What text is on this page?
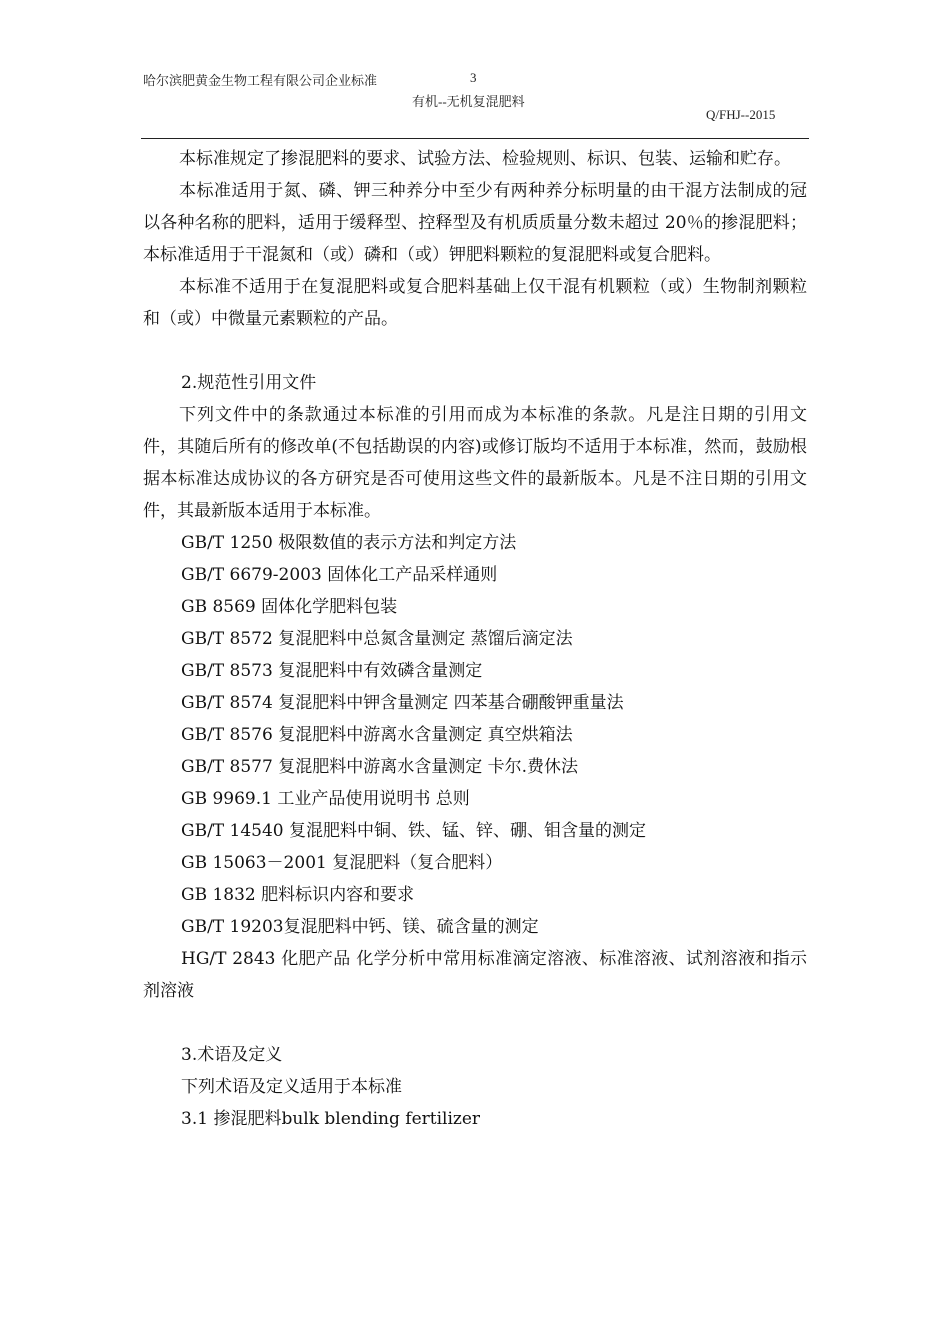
哈尔滨肥黄金生物工程有限公司企业标准	3
有机--无机复混肥料
Q/FHJ--2015

本标准规定了掺混肥料的要求、试验方法、检验规则、标识、包装、运输和贮存。

本标准适用于氮、磷、钾三种养分中至少有两种养分标明量的由干混方法制成的冠以各种名称的肥料，适用于缓释型、控释型及有机质质量分数未超过 20％的掺混肥料；本标准适用于干混氮和（或）磷和（或）钾肥料颗粒的复混肥料或复合肥料。

本标准不适用于在复混肥料或复合肥料基础上仅干混有机颗粒（或）生物制剂颗粒和（或）中微量元素颗粒的产品。

2.规范性引用文件

下列文件中的条款通过本标准的引用而成为本标准的条款。凡是注日期的引用文件，其随后所有的修改单(不包括勘误的内容)或修订版均不适用于本标准，然而，鼓励根据本标准达成协议的各方研究是否可使用这些文件的最新版本。凡是不注日期的引用文件，其最新版本适用于本标准。

GB/T 1250 极限数值的表示方法和判定方法

GB/T 6679-2003 固体化工产品采样通则

GB 8569 固体化学肥料包装

GB/T 8572 复混肥料中总氮含量测定 蒸馏后滴定法

GB/T 8573 复混肥料中有效磷含量测定

GB/T 8574 复混肥料中钾含量测定 四苯基合硼酸钾重量法

GB/T 8576 复混肥料中游离水含量测定 真空烘箱法

GB/T 8577 复混肥料中游离水含量测定 卡尔.费休法

GB 9969.1 工业产品使用说明书 总则

GB/T 14540 复混肥料中铜、铁、锰、锌、硼、钼含量的测定

GB 15063－2001 复混肥料（复合肥料）

GB 1832 肥料标识内容和要求

GB/T 19203复混肥料中钙、镁、硫含量的测定

HG/T 2843 化肥产品 化学分析中常用标准滴定溶液、标准溶液、试剂溶液和指示剂溶液

3.术语及定义

下列术语及定义适用于本标准

3.1 掺混肥料bulk blending fertilizer
